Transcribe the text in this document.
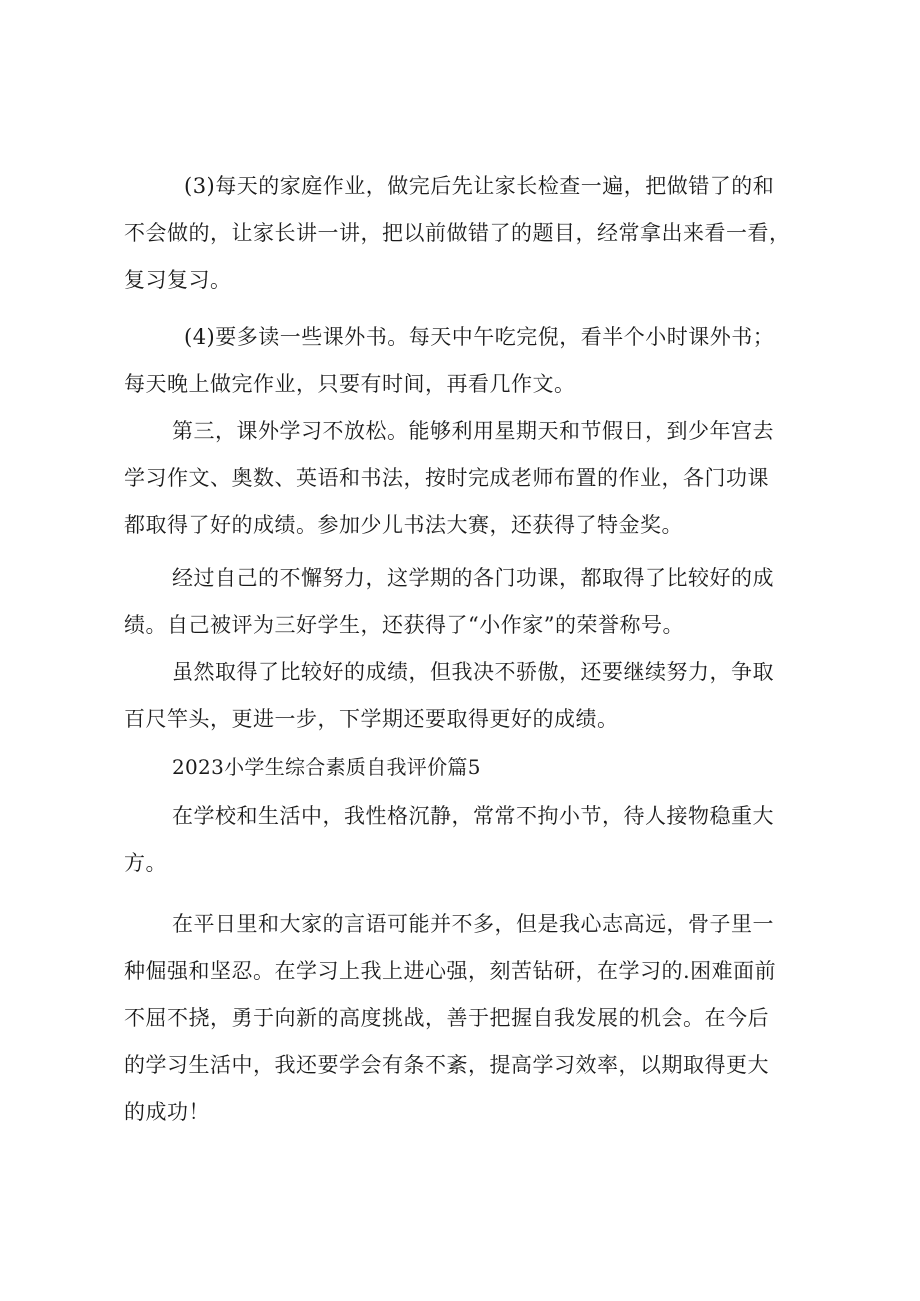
(3)每天的家庭作业，做完后先让家长检查一遍，把做错了的和
不会做的，让家长讲一讲，把以前做错了的题目，经常拿出来看一看，
复习复习。
(4)要多读一些课外书。每天中午吃完倪，看半个小时课外书；
每天晚上做完作业，只要有时间，再看几作文。
第三，课外学习不放松。能够利用星期天和节假日，到少年宫去
学习作文、奥数、英语和书法，按时完成老师布置的作业，各门功课
都取得了好的成绩。参加少儿书法大赛，还获得了特金奖。
经过自己的不懈努力，这学期的各门功课，都取得了比较好的成
绩。自己被评为三好学生，还获得了“小作家”的荣誉称号。
虽然取得了比较好的成绩，但我决不骄傲，还要继续努力，争取
百尺竿头，更进一步，下学期还要取得更好的成绩。
2023小学生综合素质自我评价篇5
在学校和生活中，我性格沉静，常常不拘小节，待人接物稳重大
方。
在平日里和大家的言语可能并不多，但是我心志高远，骨子里一
种倔强和坚忍。在学习上我上进心强，刻苦钻研，在学习的.困难面前
不屈不挠，勇于向新的高度挑战，善于把握自我发展的机会。在今后
的学习生活中，我还要学会有条不紊，提高学习效率，以期取得更大
的成功！
